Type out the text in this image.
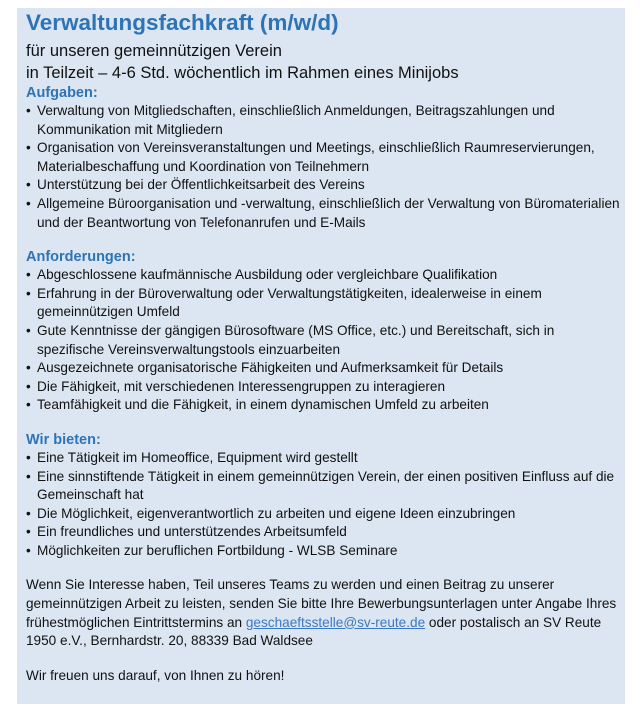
Verwaltungsfachkraft (m/w/d)
für unseren gemeinnützigen Verein
in Teilzeit – 4-6 Std. wöchentlich im Rahmen eines Minijobs
Aufgaben:
• Verwaltung von Mitgliedschaften, einschließlich Anmeldungen, Beitragszahlungen und Kommunikation mit Mitgliedern
• Organisation von Vereinsveranstaltungen und Meetings, einschließlich Raumreservierungen, Materialbeschaffung und Koordination von Teilnehmern
• Unterstützung bei der Öffentlichkeitsarbeit des Vereins
• Allgemeine Büroorganisation und -verwaltung, einschließlich der Verwaltung von Büromaterialien und der Beantwortung von Telefonanrufen und E-Mails
Anforderungen:
• Abgeschlossene kaufmännische Ausbildung oder vergleichbare Qualifikation
• Erfahrung in der Büroverwaltung oder Verwaltungstätigkeiten, idealerweise in einem gemeinnützigen Umfeld
• Gute Kenntnisse der gängigen Bürosoftware (MS Office, etc.) und Bereitschaft, sich in spezifische Vereinsverwaltungstools einzuarbeiten
• Ausgezeichnete organisatorische Fähigkeiten und Aufmerksamkeit für Details
• Die Fähigkeit, mit verschiedenen Interessengruppen zu interagieren
• Teamfähigkeit und die Fähigkeit, in einem dynamischen Umfeld zu arbeiten
Wir bieten:
• Eine Tätigkeit im Homeoffice, Equipment wird gestellt
• Eine sinnstiftende Tätigkeit in einem gemeinnützigen Verein, der einen positiven Einfluss auf die Gemeinschaft hat
• Die Möglichkeit, eigenverantwortlich zu arbeiten und eigene Ideen einzubringen
• Ein freundliches und unterstützendes Arbeitsumfeld
• Möglichkeiten zur beruflichen Fortbildung - WLSB Seminare

Wenn Sie Interesse haben, Teil unseres Teams zu werden und einen Beitrag zu unserer gemeinnützigen Arbeit zu leisten, senden Sie bitte Ihre Bewerbungsunterlagen unter Angabe Ihres frühestmöglichen Eintrittstermins an geschaeftsstelle@sv-reute.de oder postalisch an SV Reute 1950 e.V., Bernhardstr. 20, 88339 Bad Waldsee

Wir freuen uns darauf, von Ihnen zu hören!
